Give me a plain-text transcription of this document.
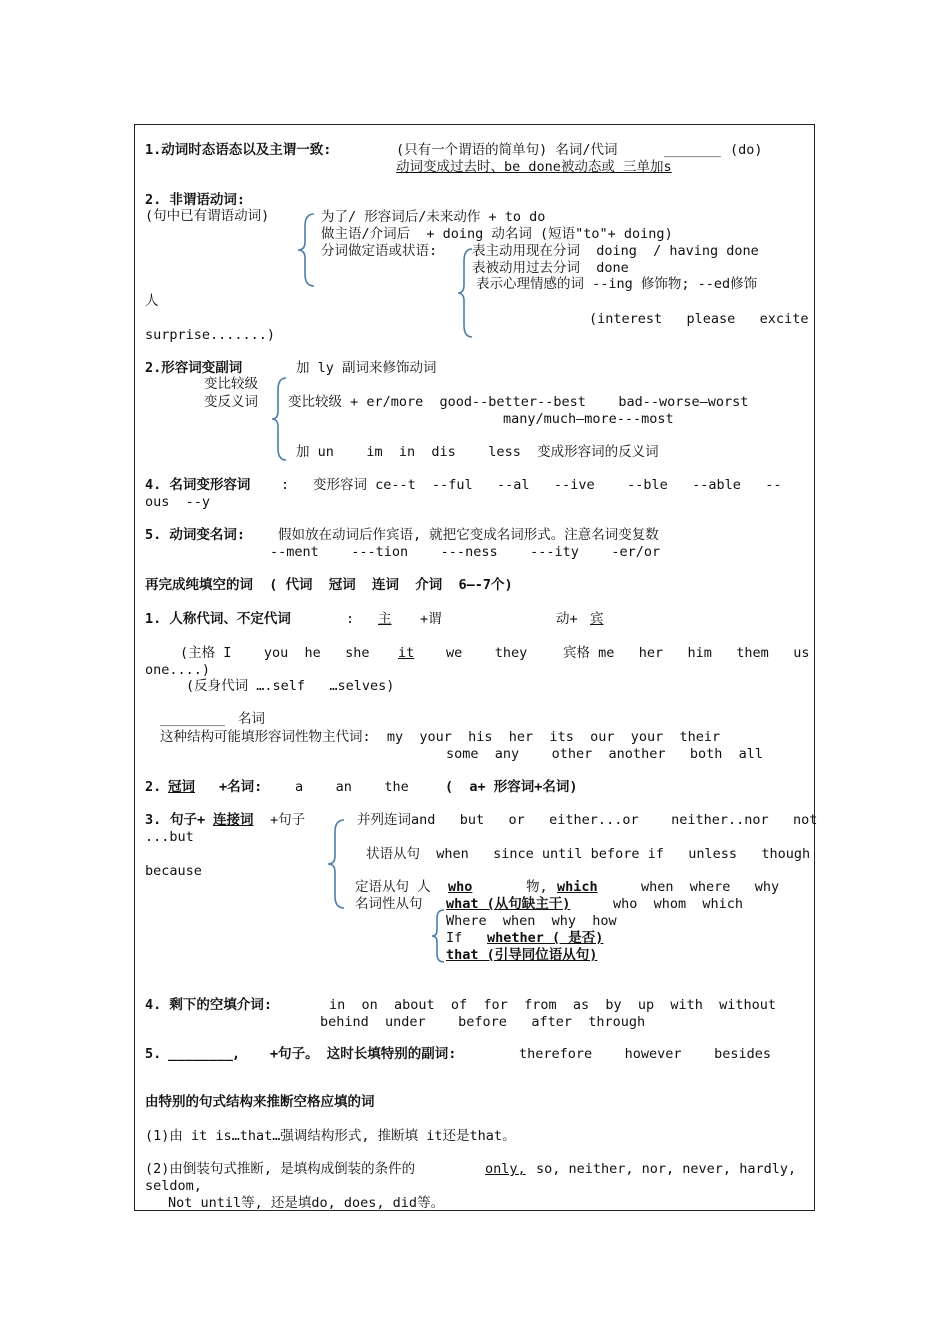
1.动词时态语态以及主谓一致:	(只有一个谓语的简单句) 名词/代词	_______ (do)
动词变成过去时、be done被动态或 三单加s
2. 非谓语动词:
(句中已有谓语动词)	为了/ 形容词后/未来动作 + to do
做主语/介词后  + doing 动名词 (短语"to"+ doing)
分词做定语或状语:	表主动用现在分词  doing  / having done
表被动用过去分词  done
表示心理情感的词 --ing 修饰物; --ed修饰
人
(interest   please   excite
surprise.......)
2.形容词变副词	加 ly 副词来修饰动词
变比较级
变反义词 变比较级 + er/more  good--better--best    bad--worse—worst
many/much—more---most
加 un    im  in  dis    less  变成形容词的反义词
4. 名词变形容词 : 变形容词 ce--t  --ful   --al   --ive    --ble   --able   --
ous  --y
5. 动词变名词: 假如放在动词后作宾语, 就把它变成名词形式。注意名词变复数
--ment    ---tion    ---ness    ---ity    -er/or
再完成纯填空的词  ( 代词  冠词  连词  介词  6—-7个)
1. 人称代词、不定代词	: 主 +谓	动+ 宾
(主格 I    you  he   she it we    they	宾格 me   her   him   them   us
one....)
(反身代词 ….self   …selves)
________ 名词
这种结构可能填形容词性物主代词:  my  your  his  her  its  our  your  their
some  any    other  another   both  all
2. 冠词 +名词: a    an    the	(  a+ 形容词+名词)
3. 句子+ 连接词 +句子	并列连词and   but   or   either...or    neither..nor   not
...but
状语从句  when   since until before if   unless   though
because
定语从句 人 who	物, which	when  where   why
名词性从句 what (从句缺主干)	who  whom  which
Where  when  why  how
If whether ( 是否)
that (引导同位语从句)
4. 剩下的空填介词:	in  on  about  of  for  from  as  by  up  with  without
behind  under    before   after  through
5. ________
, +句子。 这时长填特别的副词:	therefore    however    besides
由特别的句式结构来推断空格应填的词
(1)由 it is…that…强调结构形式, 推断填 it还是that。
(2)由倒装句式推断, 是填构成倒装的条件的	only, so, neither, nor, never, hardly,
seldom,
Not until等, 还是填do, does, did等。
